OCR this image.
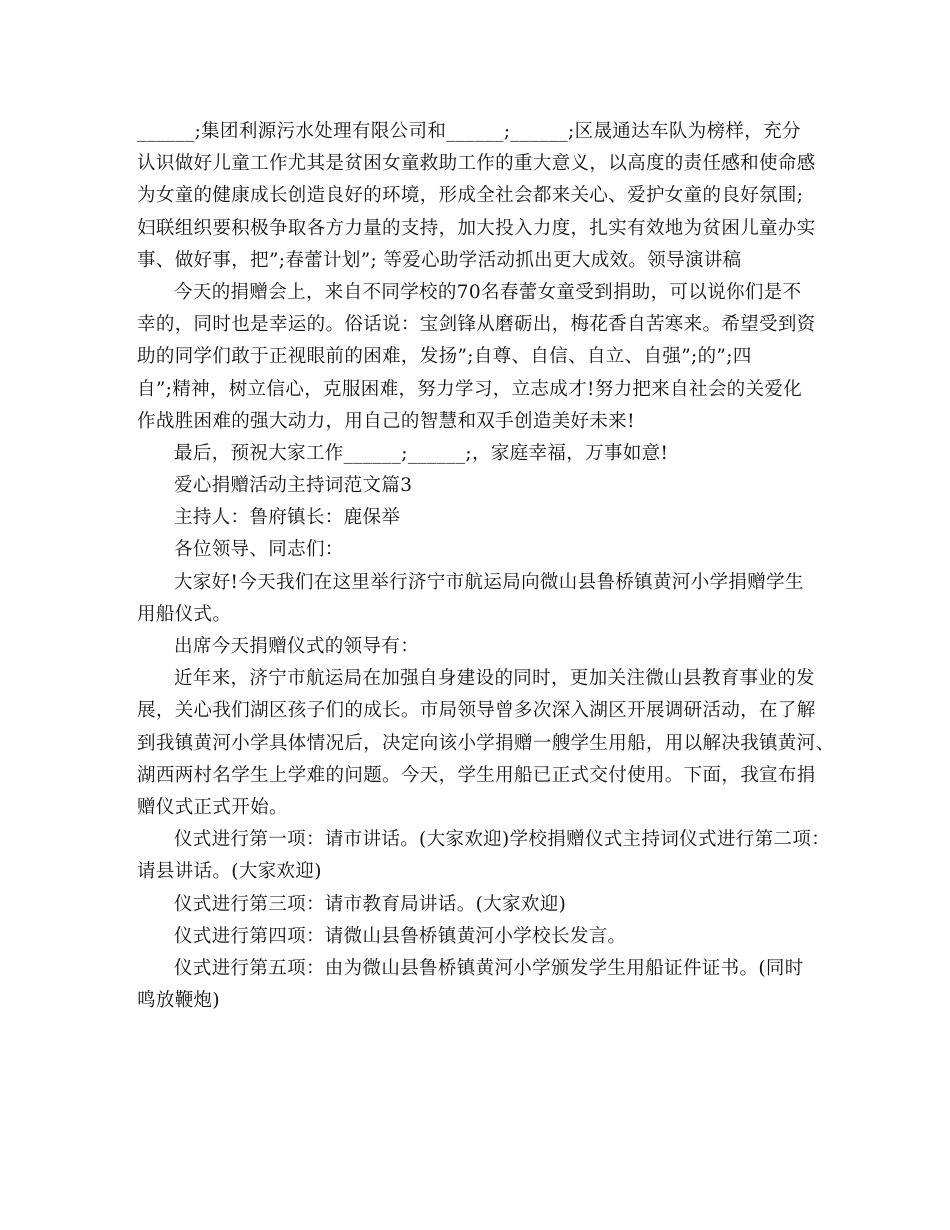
______;集团利源污水处理有限公司和______;______;区晟通达车队为榜样，充分
认识做好儿童工作尤其是贫困女童救助工作的重大意义，以高度的责任感和使命感
为女童的健康成长创造良好的环境，形成全社会都来关心、爱护女童的良好氛围;
妇联组织要积极争取各方力量的支持，加大投入力度，扎实有效地为贫困儿童办实
事、做好事，把”;春蕾计划”; 等爱心助学活动抓出更大成效。领导演讲稿
今天的捐赠会上，来自不同学校的70名春蕾女童受到捐助，可以说你们是不
幸的，同时也是幸运的。俗话说：宝剑锋从磨砺出，梅花香自苦寒来。希望受到资
助的同学们敢于正视眼前的困难，发扬”;自尊、自信、自立、自强”;的”;四
自”;精神，树立信心，克服困难，努力学习，立志成才!努力把来自社会的关爱化
作战胜困难的强大动力，用自己的智慧和双手创造美好未来!
最后，预祝大家工作______;______;，家庭幸福，万事如意!
爱心捐赠活动主持词范文篇3
主持人：鲁府镇长：鹿保举
各位领导、同志们：
大家好!今天我们在这里举行济宁市航运局向微山县鲁桥镇黄河小学捐赠学生
用船仪式。
出席今天捐赠仪式的领导有：
近年来，济宁市航运局在加强自身建设的同时，更加关注微山县教育事业的发
展，关心我们湖区孩子们的成长。市局领导曾多次深入湖区开展调研活动，在了解
到我镇黄河小学具体情况后，决定向该小学捐赠一艘学生用船，用以解决我镇黄河、
湖西两村名学生上学难的问题。今天，学生用船已正式交付使用。下面，我宣布捐
赠仪式正式开始。
仪式进行第一项：请市讲话。(大家欢迎)学校捐赠仪式主持词仪式进行第二项：
请县讲话。(大家欢迎)
仪式进行第三项：请市教育局讲话。(大家欢迎)
仪式进行第四项：请微山县鲁桥镇黄河小学校长发言。
仪式进行第五项：由为微山县鲁桥镇黄河小学颁发学生用船证件证书。(同时
鸣放鞭炮)
